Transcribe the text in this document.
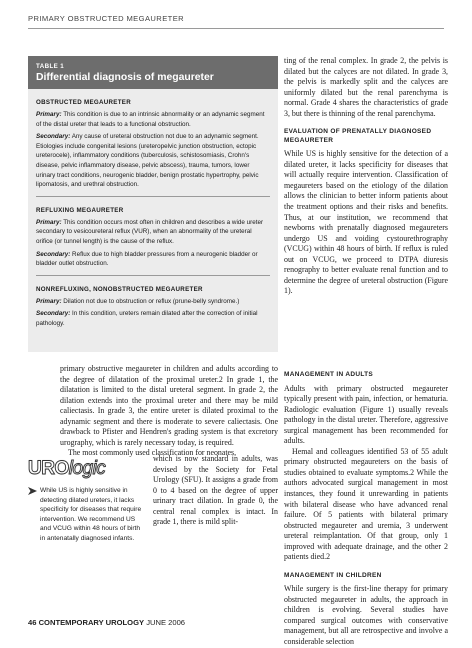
PRIMARY OBSTRUCTED MEGAURETER
TABLE 1
Differential diagnosis of megaureter
OBSTRUCTED MEGAURETER

Primary: This condition is due to an intrinsic abnormality or an adynamic segment of the distal ureter that leads to a functional obstruction.

Secondary: Any cause of ureteral obstruction not due to an adynamic segment. Etiologies include congenital lesions (ureteropelvic junction obstruction, ectopic ureterocele), inflammatory conditions (tuberculosis, schistosomiasis, Crohn's disease, pelvic inflammatory disease, pelvic abscess), trauma, tumors, lower urinary tract conditions, neurogenic bladder, benign prostatic hypertrophy, pelvic lipomatosis, and urethral obstruction.

REFLUXING MEGAURETER

Primary: This condition occurs most often in children and describes a wide ureter secondary to vesicoureteral reflux (VUR), when an abnormality of the ureteral orifice (or tunnel length) is the cause of the reflux.

Secondary: Reflux due to high bladder pressures from a neurogenic bladder or bladder outlet obstruction.

NONREFLUXING, NONOBSTRUCTED MEGAURETER

Primary: Dilation not due to obstruction or reflux (prune-belly syndrome.)

Secondary: In this condition, ureters remain dilated after the correction of initial pathology.

ting of the renal complex. In grade 2, the pelvis is dilated but the calyces are not dilated. In grade 3, the pelvis is markedly split and the calyces are uniformly dilated but the renal parenchyma is normal. Grade 4 shares the characteristics of grade 3, but there is thinning of the renal parenchyma.

EVALUATION OF PRENATALLY DIAGNOSED MEGAURETER

While US is highly sensitive for the detection of a dilated ureter, it lacks specificity for diseases that will actually require intervention. Classification of megaureters based on the etiology of the dilation allows the clinician to better inform patients about the treatment options and their risks and benefits. Thus, at our institution, we recommend that newborns with prenatally diagnosed megaureters undergo US and voiding cystourethrography (VCUG) within 48 hours of birth. If reflux is ruled out on VCUG, we proceed to DTPA diuresis renography to better evaluate renal function and to determine the degree of ureteral obstruction (Figure 1).

primary obstructive megaureter in children and adults according to the degree of dilatation of the proximal ureter.2 In grade 1, the dilatation is limited to the distal ureteral segment. In grade 2, the dilation extends into the proximal ureter and there may be mild caliectasis. In grade 3, the entire ureter is dilated proximal to the adynamic segment and there is moderate to severe caliectasis. One drawback to Pfister and Hendren's grading system is that excretory urography, which is rarely necessary today, is required.

The most commonly used classification for neonates,

UROlogic
While US is highly sensitive in detecting dilated ureters, it lacks specificity for diseases that require intervention. We recommend US and VCUG within 48 hours of birth in antenatally diagnosed infants.

which is now standard in adults, was devised by the Society for Fetal Urology (SFU). It assigns a grade from 0 to 4 based on the degree of upper urinary tract dilation. In grade 0, the central renal complex is intact. In grade 1, there is mild split-

MANAGEMENT IN ADULTS

Adults with primary obstructed megaureter typically present with pain, infection, or hematuria. Radiologic evaluation (Figure 1) usually reveals pathology in the distal ureter. Therefore, aggressive surgical management has been recommended for adults.

Hemal and colleagues identified 53 of 55 adult primary obstructed megaureters on the basis of studies obtained to evaluate symptoms.2 While the authors advocated surgical management in most instances, they found it unrewarding in patients with bilateral disease who have advanced renal failure. Of 5 patients with bilateral primary obstructed megaureter and uremia, 3 underwent ureteral reimplantation. Of that group, only 1 improved with adequate drainage, and the other 2 patients died.2

MANAGEMENT IN CHILDREN

While surgery is the first-line therapy for primary obstructed megaureter in adults, the approach in children is evolving. Several studies have compared surgical outcomes with conservative management, but all are retrospective and involve a considerable selection

46 CONTEMPORARY UROLOGY JUNE 2006
